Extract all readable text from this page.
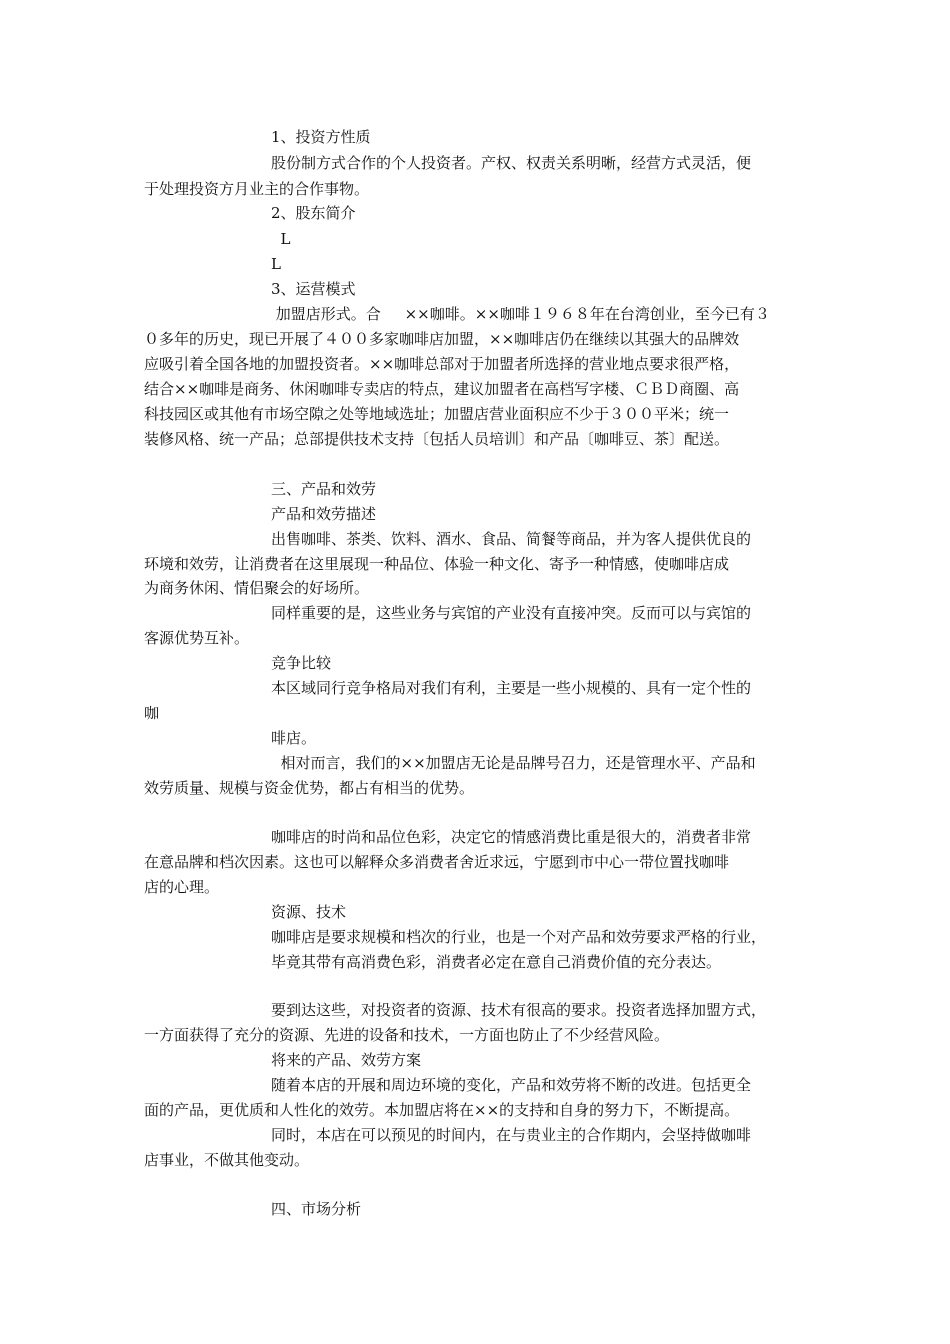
1、投资方性质
股份制方式合作的个人投资者。产权、权责关系明晰，经营方式灵活，便
于处理投资方月业主的合作事物。
2、股东简介
L
L
3、运营模式
加盟店形式。合     ××咖啡。××咖啡１９６８年在台湾创业，至今已有３
０多年的历史，现已开展了４００多家咖啡店加盟，××咖啡店仍在继续以其强大的品牌效
应吸引着全国各地的加盟投资者。××咖啡总部对于加盟者所选择的营业地点要求很严格，
结合××咖啡是商务、休闲咖啡专卖店的特点，建议加盟者在高档写字楼、ＣＢＤ商圈、高
科技园区或其他有市场空隙之处等地域选址；加盟店营业面积应不少于３００平米；统一
装修风格、统一产品；总部提供技术支持〔包括人员培训〕和产品〔咖啡豆、茶〕配送。
三、产品和效劳
产品和效劳描述
出售咖啡、茶类、饮料、酒水、食品、简餐等商品，并为客人提供优良的
环境和效劳，让消费者在这里展现一种品位、体验一种文化、寄予一种情感，使咖啡店成
为商务休闲、情侣聚会的好场所。
同样重要的是，这些业务与宾馆的产业没有直接冲突。反而可以与宾馆的
客源优势互补。
竞争比较
本区域同行竞争格局对我们有利，主要是一些小规模的、具有一定个性的
咖
啡店。
相对而言，我们的××加盟店无论是品牌号召力，还是管理水平、产品和
效劳质量、规模与资金优势，都占有相当的优势。
咖啡店的时尚和品位色彩，决定它的情感消费比重是很大的，消费者非常
在意品牌和档次因素。这也可以解释众多消费者舍近求远，宁愿到市中心一带位置找咖啡
店的心理。
资源、技术
咖啡店是要求规模和档次的行业，也是一个对产品和效劳要求严格的行业，
毕竟其带有高消费色彩，消费者必定在意自己消费价值的充分表达。
要到达这些，对投资者的资源、技术有很高的要求。投资者选择加盟方式，
一方面获得了充分的资源、先进的设备和技术，一方面也防止了不少经营风险。
将来的产品、效劳方案
随着本店的开展和周边环境的变化，产品和效劳将不断的改进。包括更全
面的产品，更优质和人性化的效劳。本加盟店将在××的支持和自身的努力下，不断提高。
同时，本店在可以预见的时间内，在与贵业主的合作期内，会坚持做咖啡
店事业，不做其他变动。
四、市场分析
